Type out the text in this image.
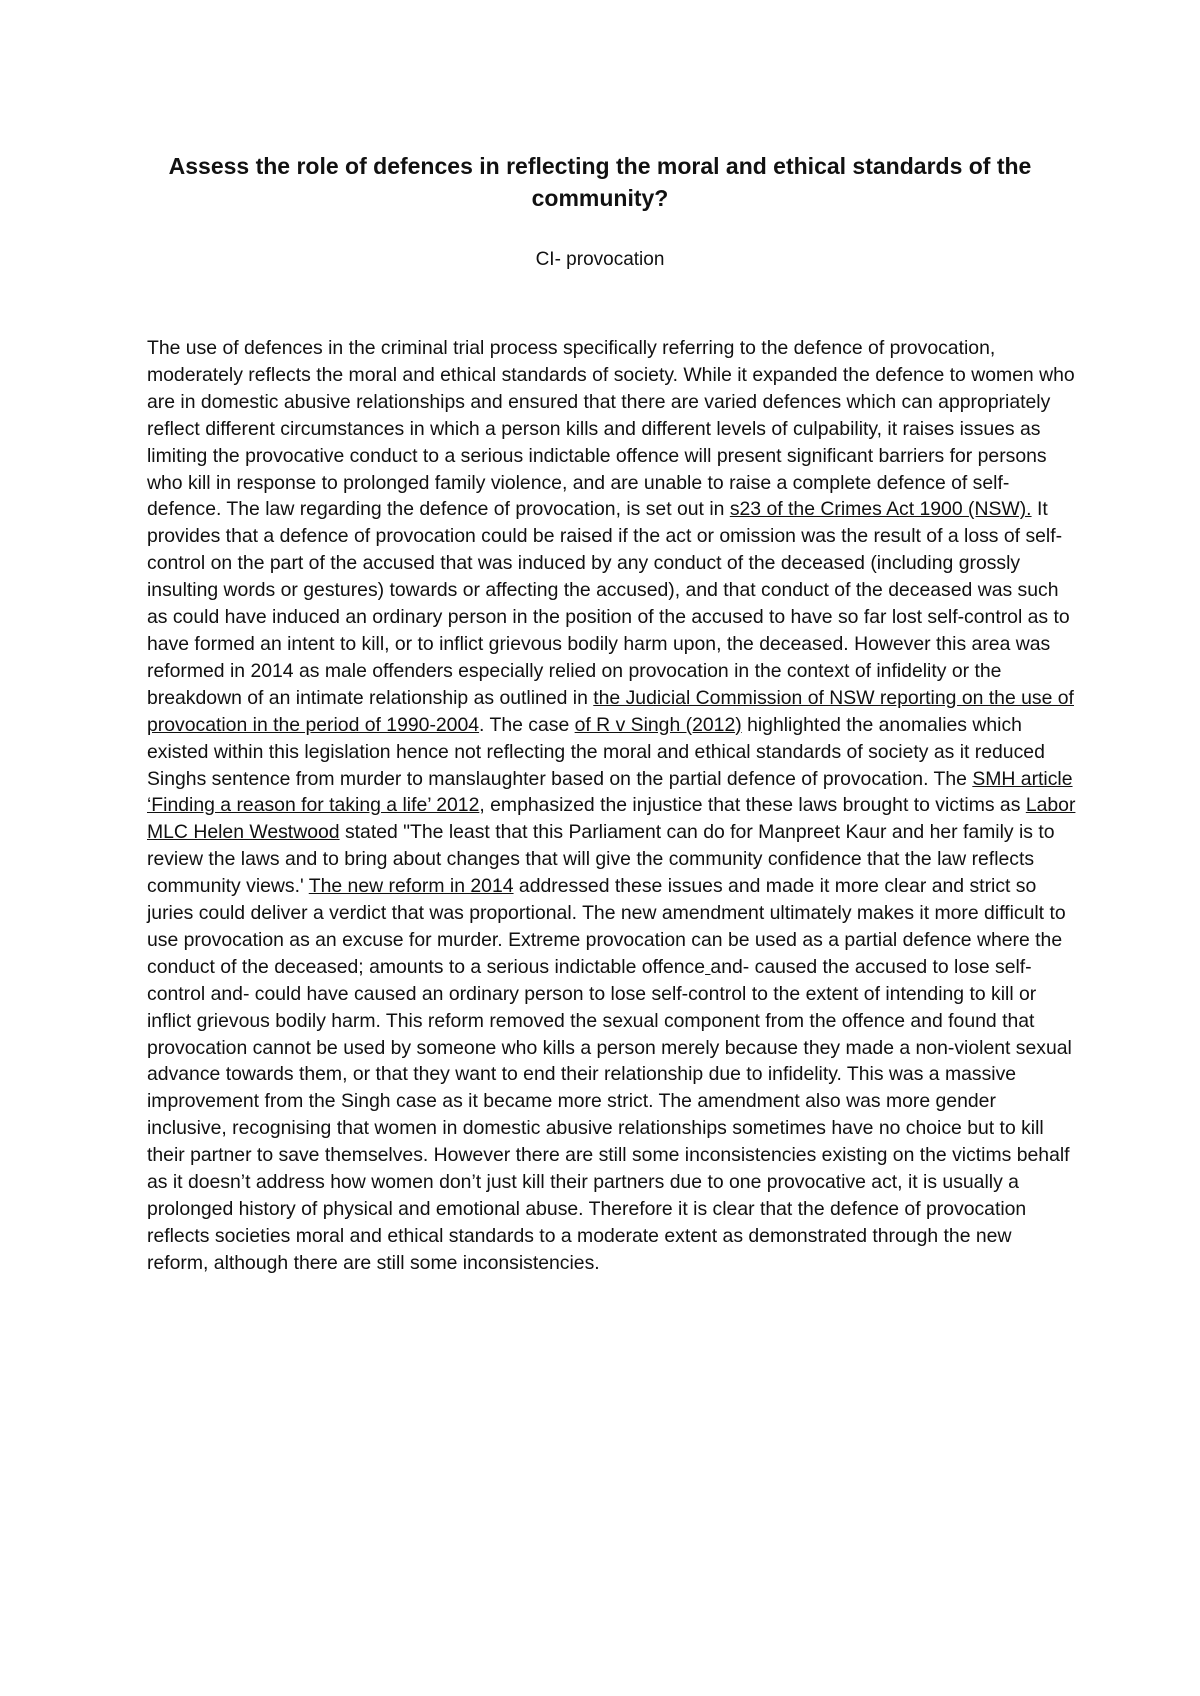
Assess the role of defences in reflecting the moral and ethical standards of the community?
CI- provocation
The use of defences in the criminal trial process specifically referring to the defence of provocation, moderately reflects the moral and ethical standards of society. While it expanded the defence to women who are in domestic abusive relationships and ensured that there are varied defences which can appropriately reflect different circumstances in which a person kills and different levels of culpability, it raises issues as limiting the provocative conduct to a serious indictable offence will present significant barriers for persons who kill in response to prolonged family violence, and are unable to raise a complete defence of self-defence. The law regarding the defence of provocation, is set out in s23 of the Crimes Act 1900 (NSW). It provides that a defence of provocation could be raised if the act or omission was the result of a loss of self-control on the part of the accused that was induced by any conduct of the deceased (including grossly insulting words or gestures) towards or affecting the accused), and that conduct of the deceased was such as could have induced an ordinary person in the position of the accused to have so far lost self-control as to have formed an intent to kill, or to inflict grievous bodily harm upon, the deceased. However this area was reformed in 2014 as male offenders especially relied on provocation in the context of infidelity or the breakdown of an intimate relationship as outlined in the Judicial Commission of NSW reporting on the use of provocation in the period of 1990-2004. The case of R v Singh (2012) highlighted the anomalies which existed within this legislation hence not reflecting the moral and ethical standards of society as it reduced Singhs sentence from murder to manslaughter based on the partial defence of provocation. The SMH article ‘Finding a reason for taking a life’ 2012, emphasized the injustice that these laws brought to victims as Labor MLC Helen Westwood stated "The least that this Parliament can do for Manpreet Kaur and her family is to review the laws and to bring about changes that will give the community confidence that the law reflects community views.' The new reform in 2014 addressed these issues and made it more clear and strict so juries could deliver a verdict that was proportional. The new amendment ultimately makes it more difficult to use provocation as an excuse for murder. Extreme provocation can be used as a partial defence where the conduct of the deceased; amounts to a serious indictable offence and- caused the accused to lose self-control and- could have caused an ordinary person to lose self-control to the extent of intending to kill or inflict grievous bodily harm. This reform removed the sexual component from the offence and found that provocation cannot be used by someone who kills a person merely because they made a non-violent sexual advance towards them, or that they want to end their relationship due to infidelity. This was a massive improvement from the Singh case as it became more strict. The amendment also was more gender inclusive, recognising that women in domestic abusive relationships sometimes have no choice but to kill their partner to save themselves. However there are still some inconsistencies existing on the victims behalf as it doesn’t address how women don’t just kill their partners due to one provocative act, it is usually a prolonged history of physical and emotional abuse. Therefore it is clear that the defence of provocation reflects societies moral and ethical standards to a moderate extent as demonstrated through the new reform, although there are still some inconsistencies.
